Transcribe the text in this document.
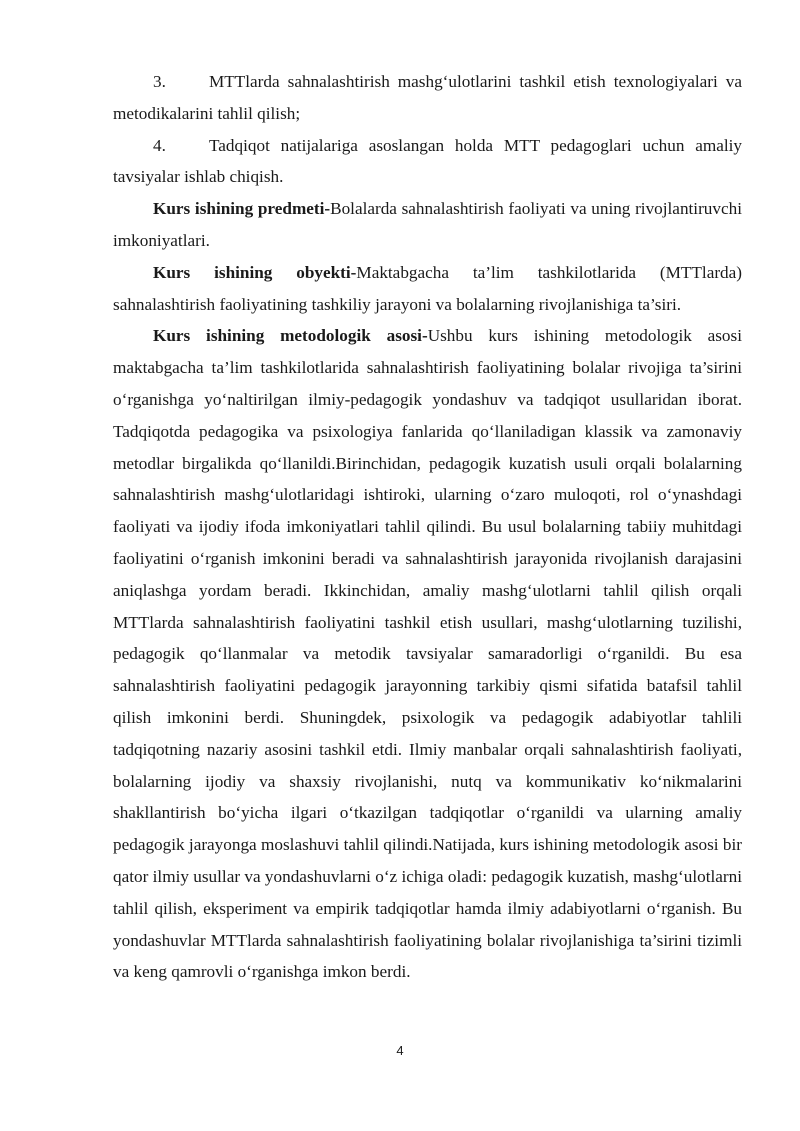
3.	MTTlarda sahnalashtirish mashg‘ulotlarini tashkil etish texnologiyalari va metodikalarini tahlil qilish;

4.	Tadqiqot natijalariga asoslangan holda MTT pedagoglari uchun amaliy tavsiyalar ishlab chiqish.

Kurs ishining predmeti-Bolalarda sahnalashtirish faoliyati va uning rivojlantiruvchi imkoniyatlari.

Kurs ishining obyekti-Maktabgacha ta’lim tashkilotlarida (MTTlarda) sahnalashtirish faoliyatining tashkiliy jarayoni va bolalarning rivojlanishiga ta’siri.

Kurs ishining metodologik asosi-Ushbu kurs ishining metodologik asosi maktabgacha ta’lim tashkilotlarida sahnalashtirish faoliyatining bolalar rivojiga ta’sirini o‘rganishga yo‘naltirilgan ilmiy-pedagogik yondashuv va tadqiqot usullaridan iborat. Tadqiqotda pedagogika va psixologiya fanlarida qo‘llaniladigan klassik va zamonaviy metodlar birgalikda qo‘llanildi.Birinchidan, pedagogik kuzatish usuli orqali bolalarning sahnalashtirish mashg‘ulotlaridagi ishtiroki, ularning o‘zaro muloqoti, rol o‘ynashdagi faoliyati va ijodiy ifoda imkoniyatlari tahlil qilindi. Bu usul bolalarning tabiiy muhitdagi faoliyatini o‘rganish imkonini beradi va sahnalashtirish jarayonida rivojlanish darajasini aniqlashga yordam beradi. Ikkinchidan, amaliy mashg‘ulotlarni tahlil qilish orqali MTTlarda sahnalashtirish faoliyatini tashkil etish usullari, mashg‘ulotlarning tuzilishi, pedagogik qo‘llanmalar va metodik tavsiyalar samaradorligi o‘rganildi. Bu esa sahnalashtirish faoliyatini pedagogik jarayonning tarkibiy qismi sifatida batafsil tahlil qilish imkonini berdi. Shuningdek, psixologik va pedagogik adabiyotlar tahlili tadqiqotning nazariy asosini tashkil etdi. Ilmiy manbalar orqali sahnalashtirish faoliyati, bolalarning ijodiy va shaxsiy rivojlanishi, nutq va kommunikativ ko‘nikmalarini shakllantirish bo‘yicha ilgari o‘tkazilgan tadqiqotlar o‘rganildi va ularning amaliy pedagogik jarayonga moslashuvi tahlil qilindi.Natijada, kurs ishining metodologik asosi bir qator ilmiy usullar va yondashuvlarni o‘z ichiga oladi: pedagogik kuzatish, mashg‘ulotlarni tahlil qilish, eksperiment va empirik tadqiqotlar hamda ilmiy adabiyotlarni o‘rganish. Bu yondashuvlar MTTlarda sahnalashtirish faoliyatining bolalar rivojlanishiga ta’sirini tizimli va keng qamrovli o‘rganishga imkon berdi.

4
